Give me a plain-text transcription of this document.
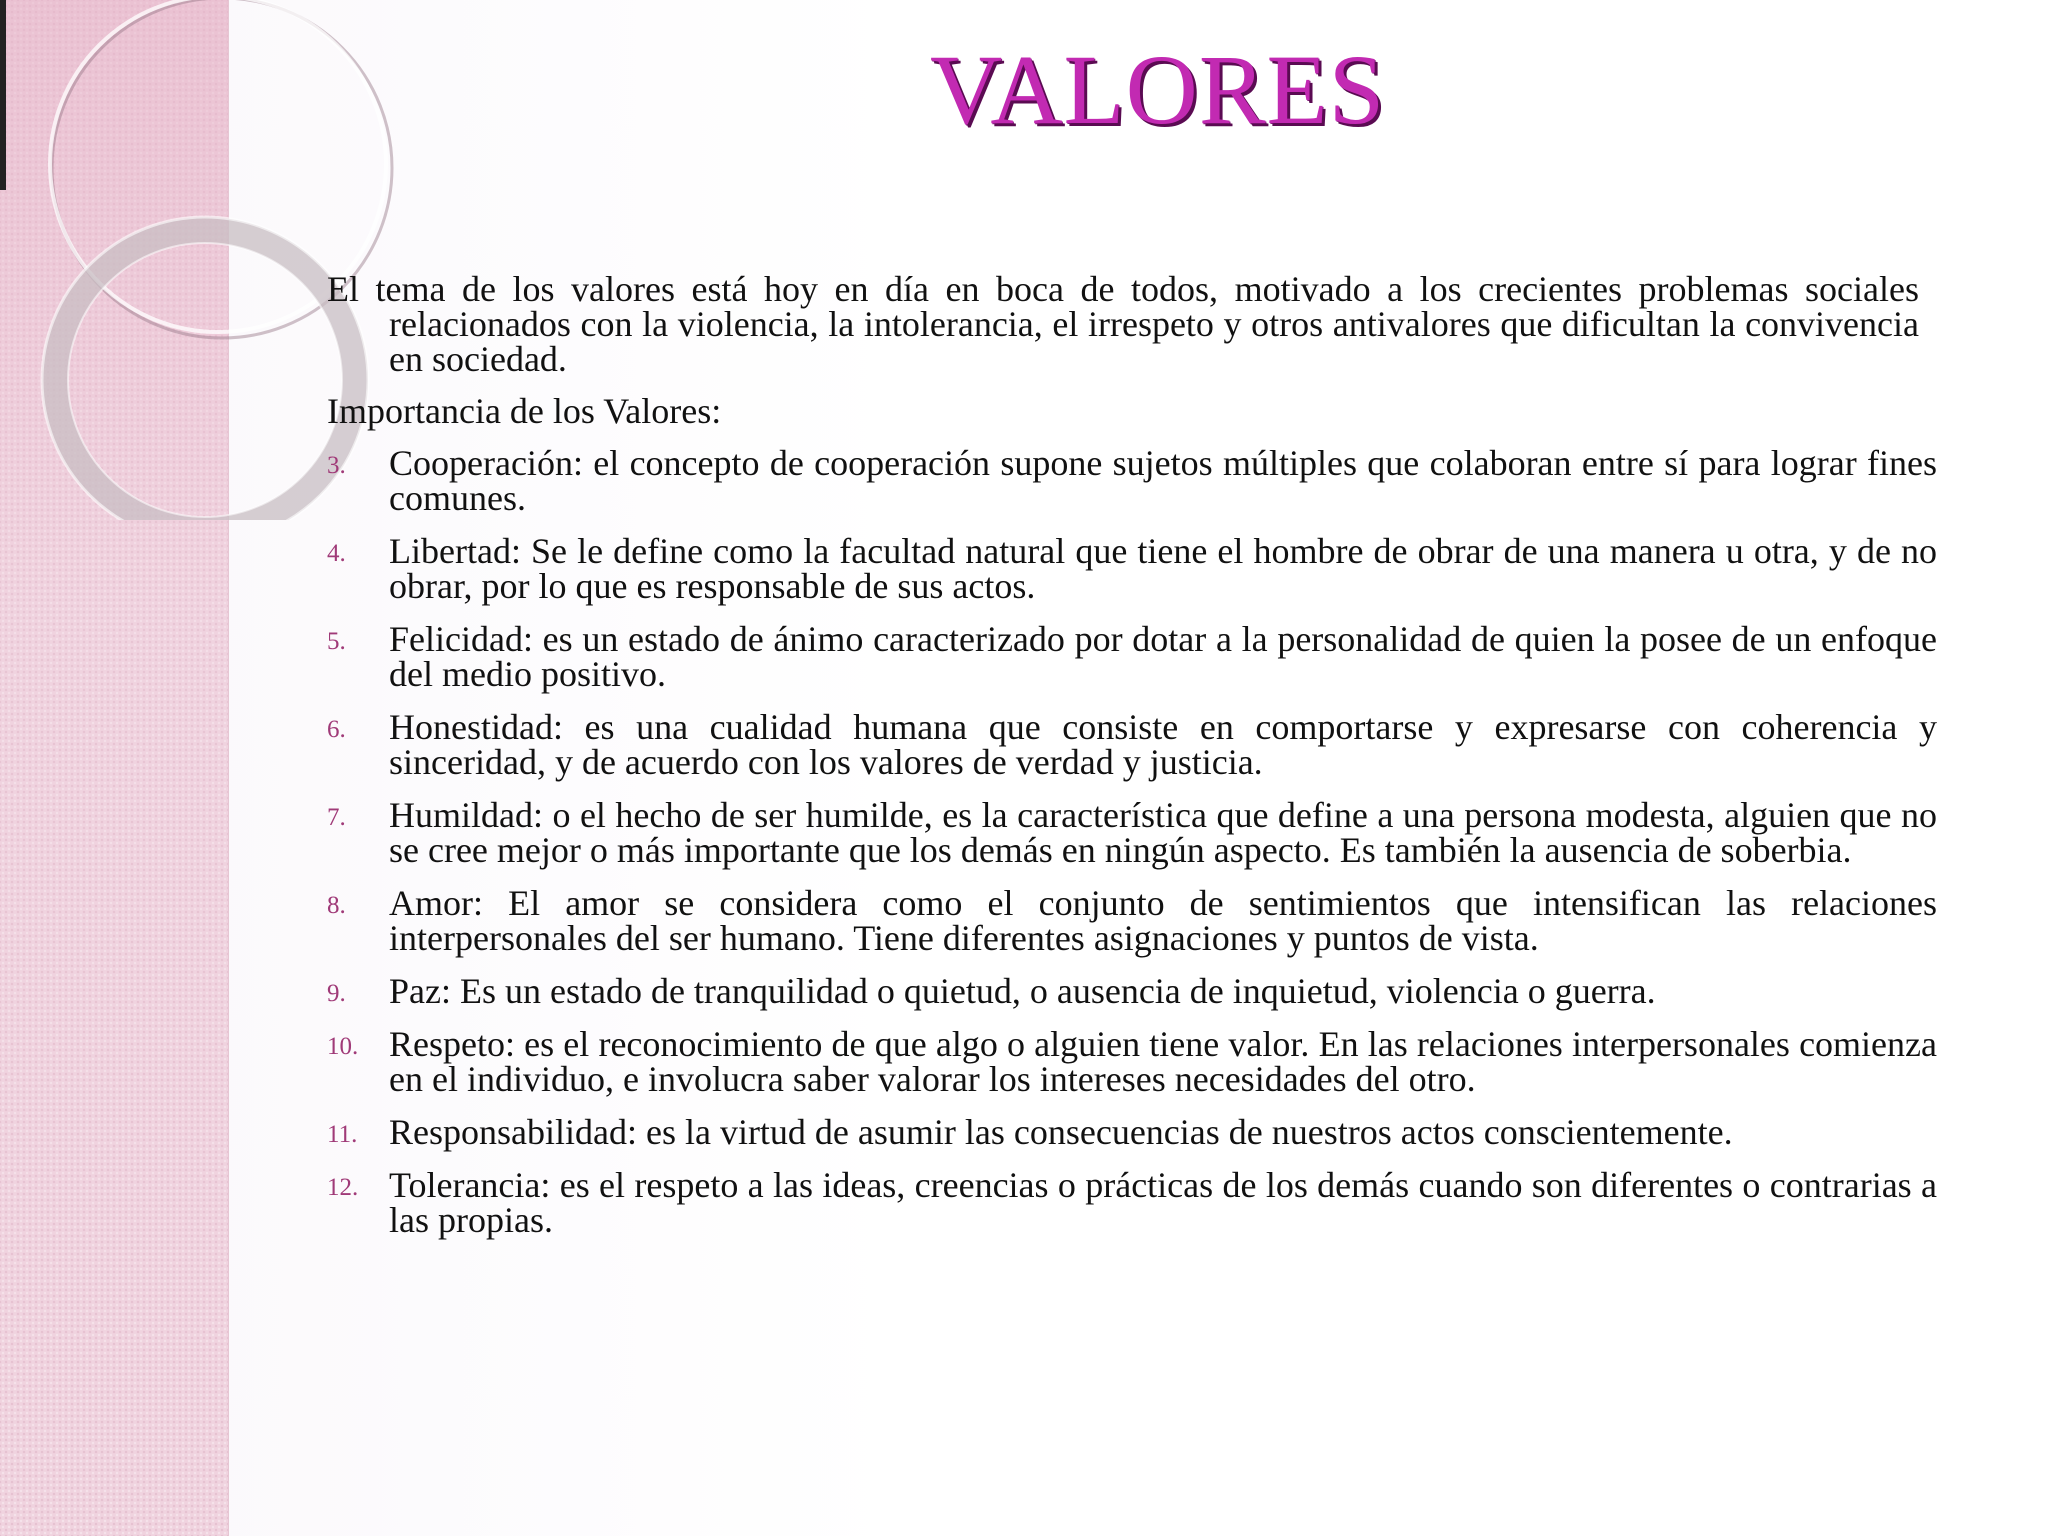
VALORES

El tema de los valores está hoy en día en boca de todos, motivado a los crecientes problemas sociales relacionados con la violencia, la intolerancia, el irrespeto y otros antivalores que dificultan la convivencia en sociedad.

Importancia de los Valores:

3. Cooperación: el concepto de cooperación supone sujetos múltiples que colaboran entre sí para lograr fines comunes.
4. Libertad: Se le define como la facultad natural que tiene el hombre de obrar de una manera u otra, y de no obrar, por lo que es responsable de sus actos.
5. Felicidad: es un estado de ánimo caracterizado por dotar a la personalidad de quien la posee de un enfoque del medio positivo.
6. Honestidad: es una cualidad humana que consiste en comportarse y expresarse con coherencia y sinceridad, y de acuerdo con los valores de verdad y justicia.
7. Humildad: o el hecho de ser humilde, es la característica que define a una persona modesta, alguien que no se cree mejor o más importante que los demás en ningún aspecto. Es también la ausencia de soberbia.
8. Amor: El amor se considera como el conjunto de sentimientos que intensifican las relaciones interpersonales del ser humano. Tiene diferentes asignaciones y puntos de vista.
9. Paz: Es un estado de tranquilidad o quietud, o ausencia de inquietud, violencia o guerra.
10. Respeto: es el reconocimiento de que algo o alguien tiene valor. En las relaciones interpersonales comienza en el individuo, e involucra saber valorar los intereses necesidades del otro.
11. Responsabilidad: es la virtud de asumir las consecuencias de nuestros actos conscientemente.
12. Tolerancia: es el respeto a las ideas, creencias o prácticas de los demás cuando son diferentes o contrarias a las propias.
